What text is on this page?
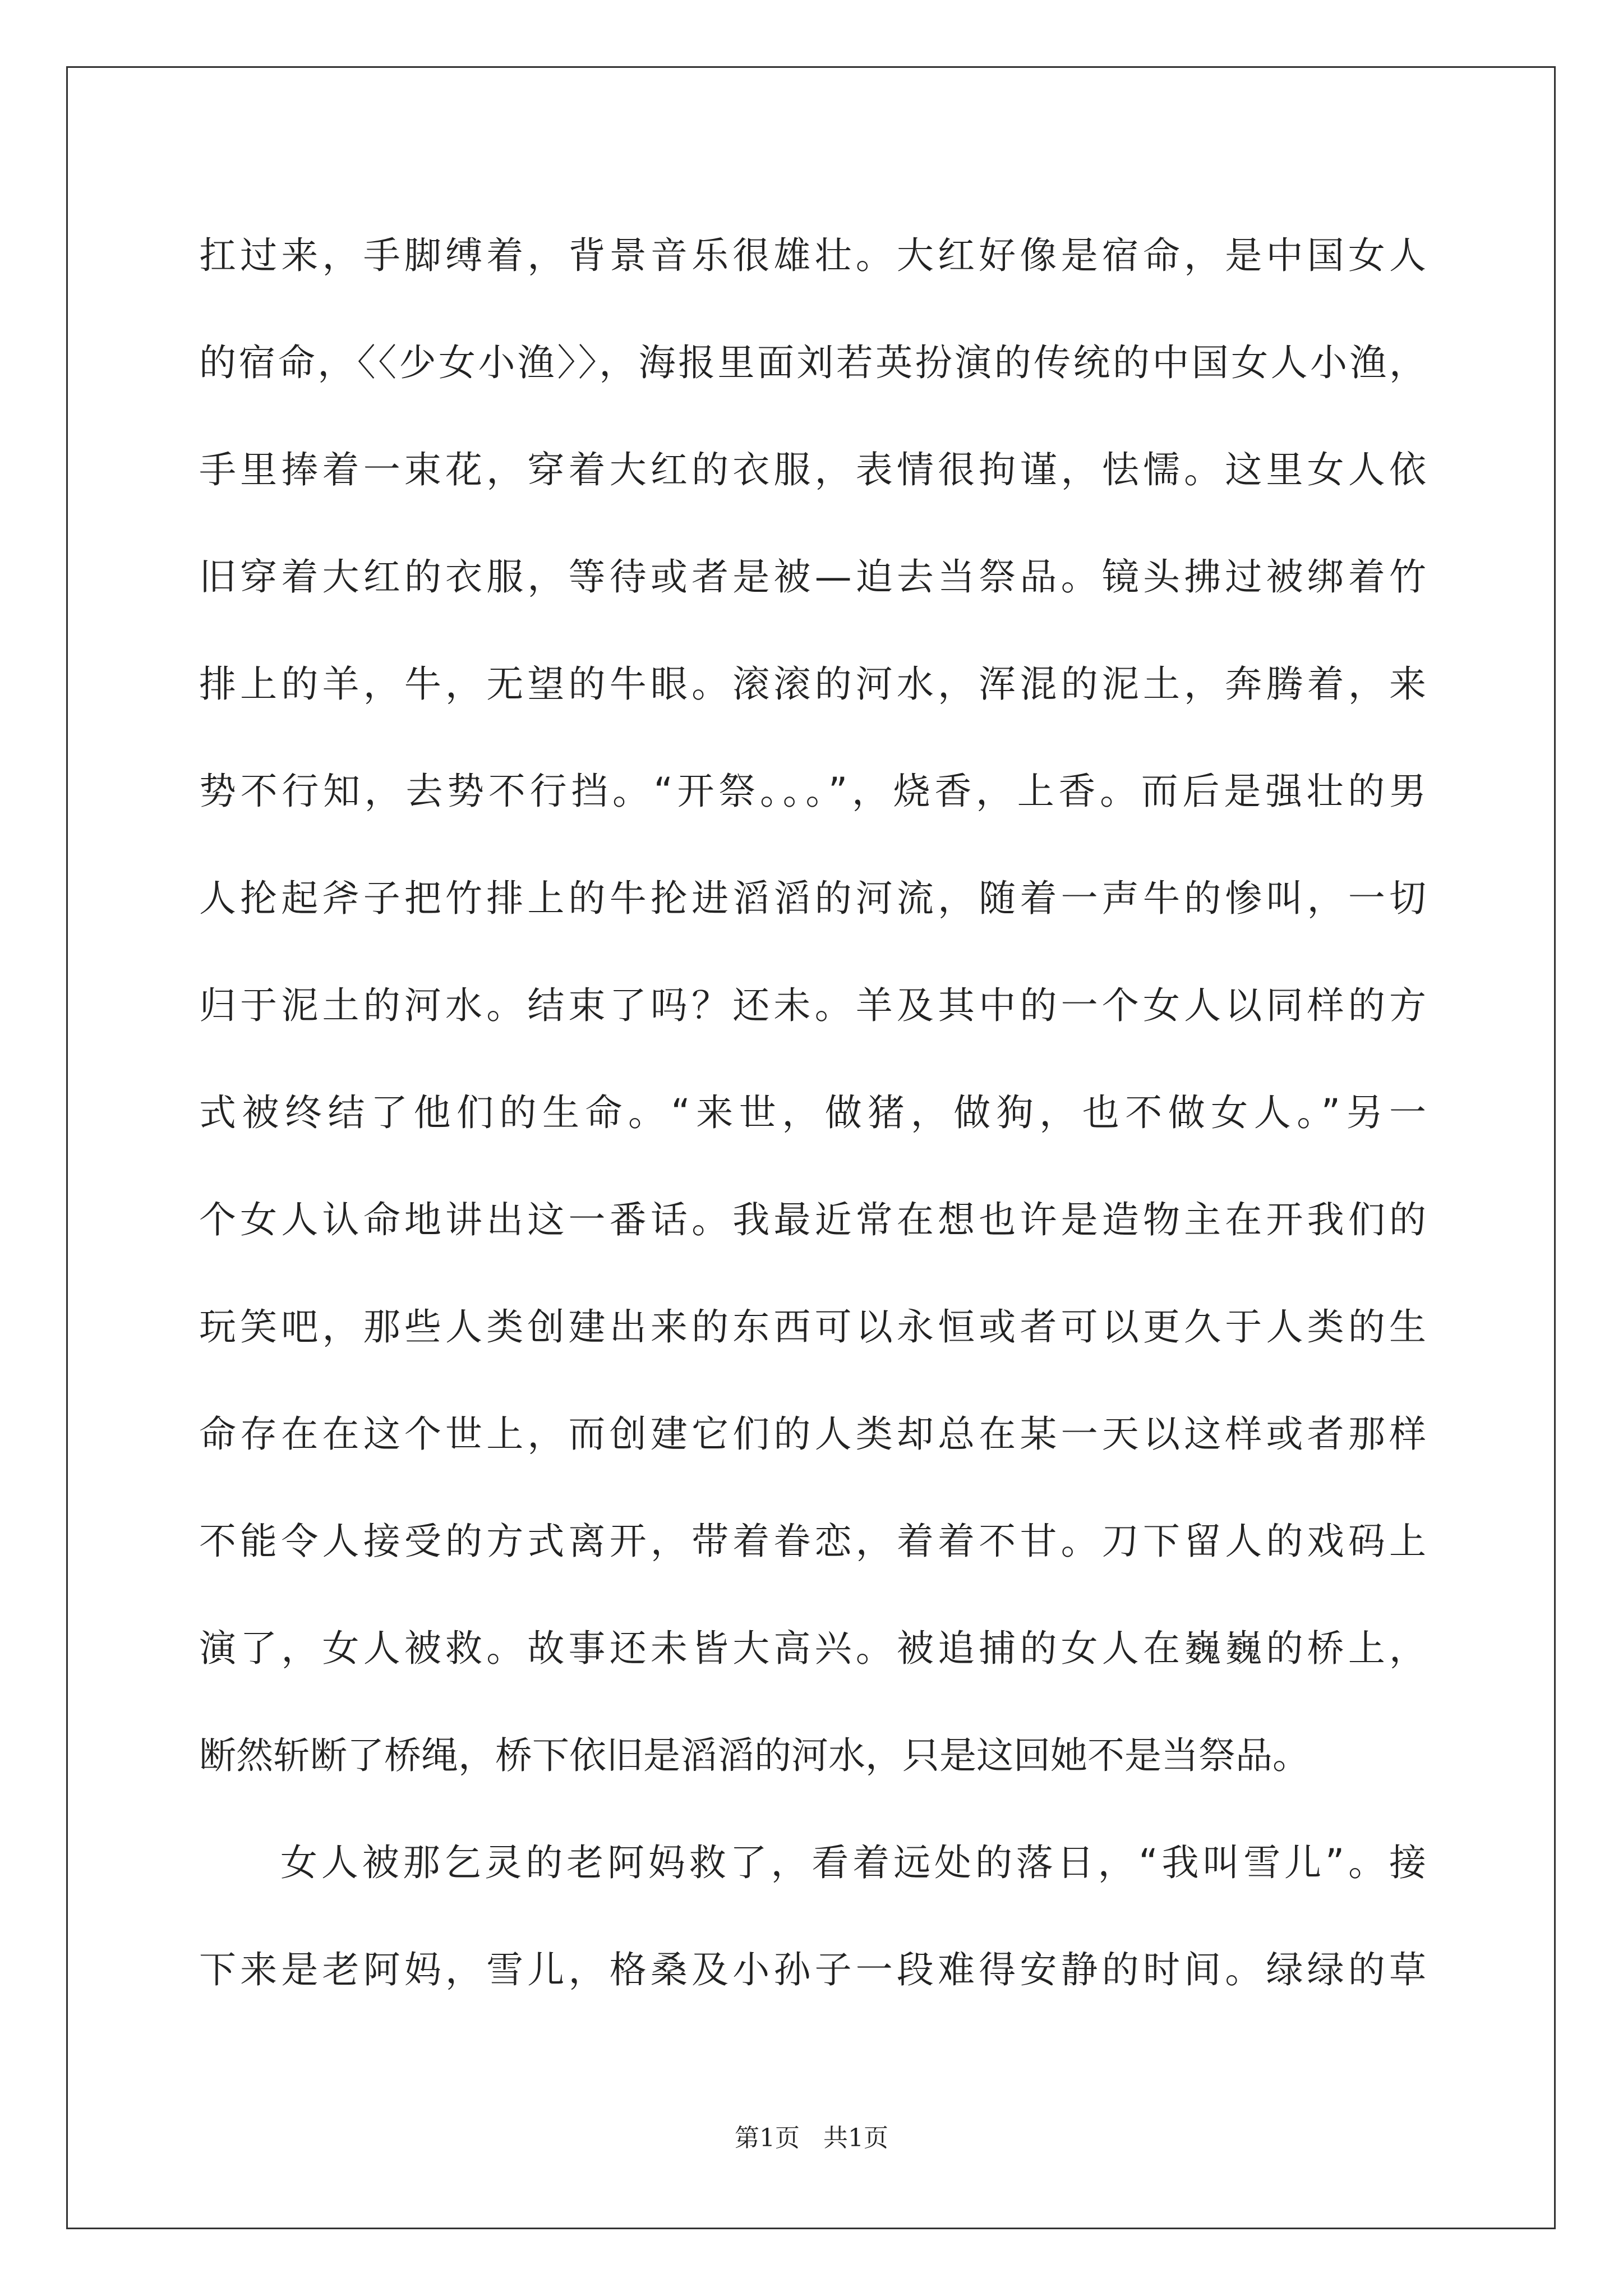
扛过来，手脚缚着，背景音乐很雄壮。大红好像是宿命，是中国女人
的宿命，〈〈少女小渔〉〉，海报里面刘若英扮演的传统的中国女人小渔，
手里捧着一束花，穿着大红的衣服，表情很拘谨，怯懦。这里女人依
旧穿着大红的衣服，等待或者是被—迫去当祭品。镜头拂过被绑着竹
排上的羊，牛，无望的牛眼。滚滚的河水，浑混的泥土，奔腾着，来
势不行知，去势不行挡。“开祭。。。”，烧香，上香。而后是强壮的男
人抡起斧子把竹排上的牛抡进滔滔的河流，随着一声牛的惨叫，一切
归于泥土的河水。结束了吗？还未。羊及其中的一个女人以同样的方
式被终结了他们的生命。“来世，做猪，做狗，也不做女人。”另一
个女人认命地讲出这一番话。我最近常在想也许是造物主在开我们的
玩笑吧，那些人类创建出来的东西可以永恒或者可以更久于人类的生
命存在在这个世上，而创建它们的人类却总在某一天以这样或者那样
不能令人接受的方式离开，带着眷恋，着着不甘。刀下留人的戏码上
演了，女人被救。故事还未皆大高兴。被追捕的女人在巍巍的桥上，
断然斩断了桥绳，桥下依旧是滔滔的河水，只是这回她不是当祭品。
女人被那乞灵的老阿妈救了，看着远处的落日，“我叫雪儿”。接
下来是老阿妈，雪儿，格桑及小孙子一段难得安静的时间。绿绿的草
第1页   共1页
